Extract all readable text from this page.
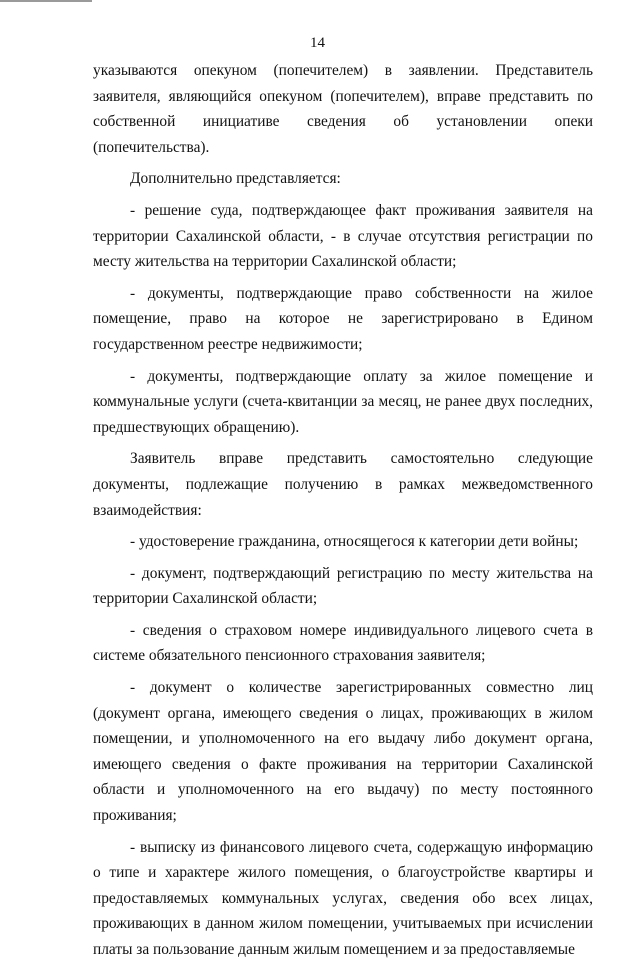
14

указываются опекуном (попечителем) в заявлении. Представитель заявителя, являющийся опекуном (попечителем), вправе представить по собственной инициативе сведения об установлении опеки (попечительства).

Дополнительно представляется:

- решение суда, подтверждающее факт проживания заявителя на территории Сахалинской области, - в случае отсутствия регистрации по месту жительства на территории Сахалинской области;

- документы, подтверждающие право собственности на жилое помещение, право на которое не зарегистрировано в Едином государственном реестре недвижимости;

- документы, подтверждающие оплату за жилое помещение и коммунальные услуги (счета-квитанции за месяц, не ранее двух последних, предшествующих обращению).

Заявитель вправе представить самостоятельно следующие документы, подлежащие получению в рамках межведомственного взаимодействия:

- удостоверение гражданина, относящегося к категории дети войны;

- документ, подтверждающий регистрацию по месту жительства на территории Сахалинской области;

- сведения о страховом номере индивидуального лицевого счета в системе обязательного пенсионного страхования заявителя;

- документ о количестве зарегистрированных совместно лиц (документ органа, имеющего сведения о лицах, проживающих в жилом помещении, и уполномоченного на его выдачу либо документ органа, имеющего сведения о факте проживания на территории Сахалинской области и уполномоченного на его выдачу) по месту постоянного проживания;

- выписку из финансового лицевого счета, содержащую информацию о типе и характере жилого помещения, о благоустройстве квартиры и предоставляемых коммунальных услугах, сведения обо всех лицах, проживающих в данном жилом помещении, учитываемых при исчислении платы за пользование данным жилым помещением и за предоставляемые
